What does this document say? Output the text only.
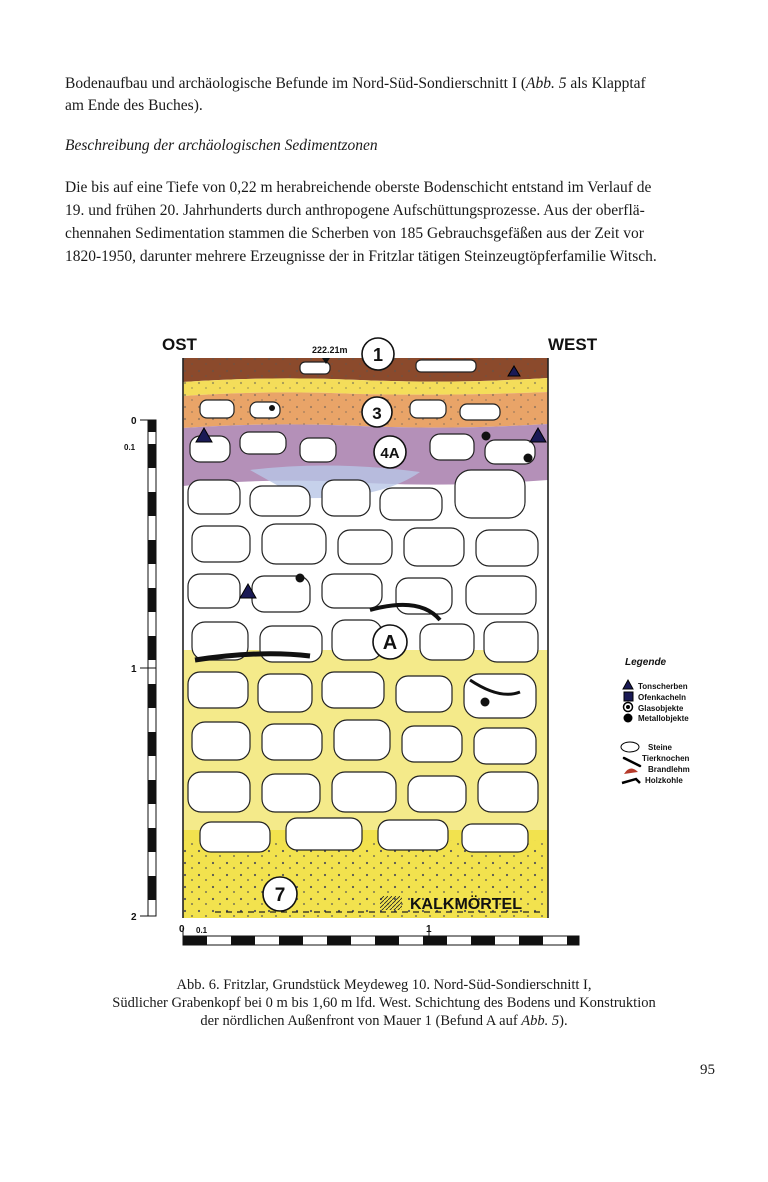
Bodenaufbau und archäologische Befunde im Nord-Süd-Sondierschnitt I (Abb. 5 als Klapptaf
am Ende des Buches).
Beschreibung der archäologischen Sedimentzonen
Die bis auf eine Tiefe von 0,22 m herabreichende oberste Bodenschicht entstand im Verlauf de
19. und frühen 20. Jahrhunderts durch anthropogene Aufschüttungsprozesse. Aus der oberflä-
chennahen Sedimentation stammen die Scherben von 185 Gebrauchsgefäßen aus der Zeit vor
1820-1950, darunter mehrere Erzeugnisse der in Fritzlar tätigen Steinzeugtöpferfamilie Witsch.
OST	WEST
222.21m 1
3
4A
A
7	KALKMÖRTEL
0
0.1
1
2
0 0.1	1
Legende
Tonscherben
Ofenkacheln
Glasobjekte
Metallobjekte
Steine
Tierknochen
Brandlehm
Holzkohle
Abb. 6. Fritzlar, Grundstück Meydeweg 10. Nord-Süd-Sondierschnitt I,
Südlicher Grabenkopf bei 0 m bis 1,60 m lfd. West. Schichtung des Bodens und Konstruktion
der nördlichen Außenfront von Mauer 1 (Befund A auf Abb. 5).
95
